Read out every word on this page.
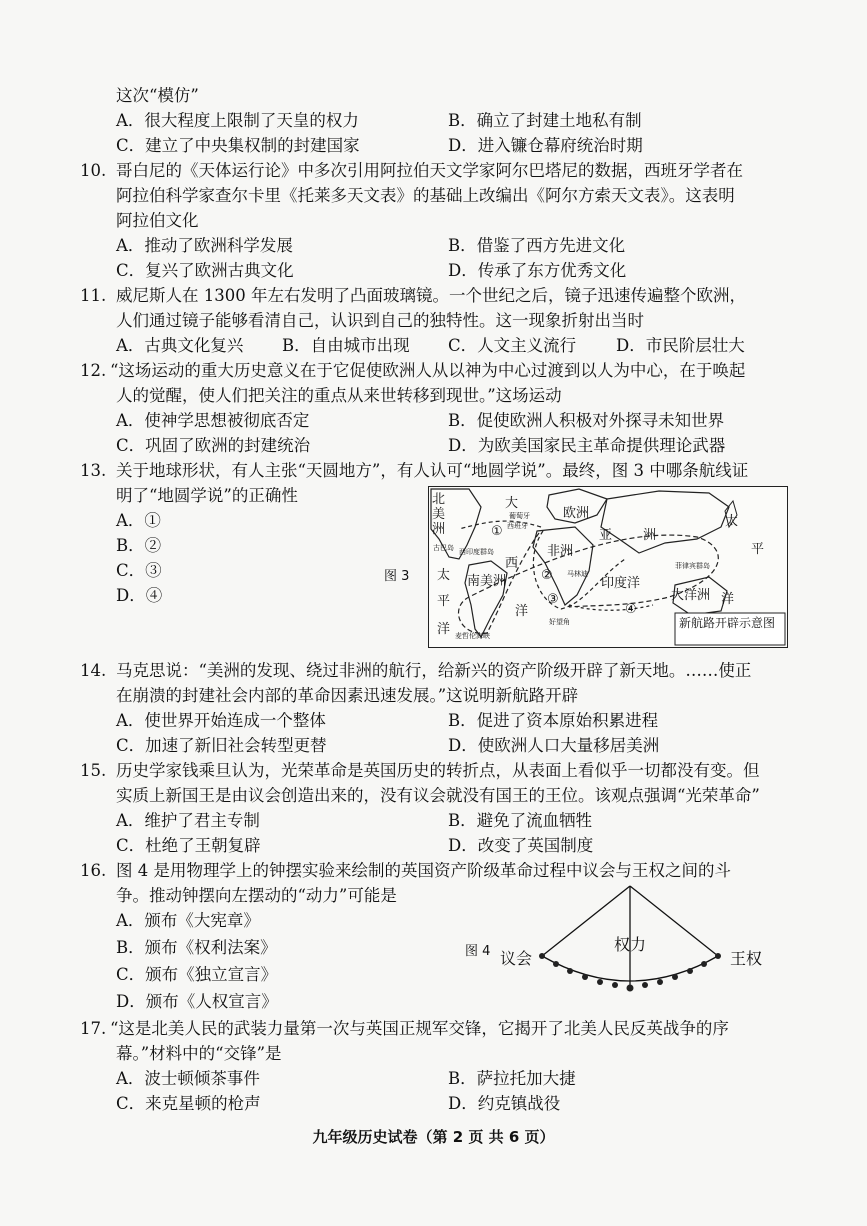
这次“模仿”
A．很大程度上限制了天皇的权力	B．确立了封建土地私有制
C．建立了中央集权制的封建国家	D．进入镰仓幕府统治时期
10. 哥白尼的《天体运行论》中多次引用阿拉伯天文学家阿尔巴塔尼的数据，西班牙学者在
阿拉伯科学家查尔卡里《托莱多天文表》的基础上改编出《阿尔方索天文表》。这表明
阿拉伯文化
A．推动了欧洲科学发展	B．借鉴了西方先进文化
C．复兴了欧洲古典文化	D．传承了东方优秀文化
11. 威尼斯人在 1300 年左右发明了凸面玻璃镜。一个世纪之后，镜子迅速传遍整个欧洲，
人们通过镜子能够看清自己，认识到自己的独特性。这一现象折射出当时
A．古典文化复兴 B．自由城市出现 C．人文主义流行 D．市民阶层壮大
12. “这场运动的重大历史意义在于它促使欧洲人从以神为中心过渡到以人为中心，在于唤起
人的觉醒，使人们把关注的重点从来世转移到现世。”这场运动
A．使神学思想被彻底否定	B．促使欧洲人积极对外探寻未知世界
C．巩固了欧洲的封建统治	D．为欧美国家民主革命提供理论武器
13. 关于地球形状，有人主张“天圆地方”，有人认可“地圆学说”。最终，图 3 中哪条航线证
明了“地圆学说”的正确性
A．①
B．②
C．③
D．④
图 3
北
美
洲
大
欧洲
亚 洲
太
平
太
平
西
洋
洋
洋
非洲
南美洲	印度洋
大洋洲
葡萄牙
西班牙
古巴岛
好望角
菲律宾群岛
麦哲伦海峡
马林迪
西印度群岛
①
②
③
④
新航路开辟示意图
14. 马克思说：“美洲的发现、绕过非洲的航行，给新兴的资产阶级开辟了新天地。……使正
在崩溃的封建社会内部的革命因素迅速发展。”这说明新航路开辟
A．使世界开始连成一个整体	B．促进了资本原始积累进程
C．加速了新旧社会转型更替	D．使欧洲人口大量移居美洲
15. 历史学家钱乘旦认为，光荣革命是英国历史的转折点，从表面上看似乎一切都没有变。但
实质上新国王是由议会创造出来的，没有议会就没有国王的王位。该观点强调“光荣革命”
A．维护了君主专制	B．避免了流血牺牲
C．杜绝了王朝复辟	D．改变了英国制度
16. 图 4 是用物理学上的钟摆实验来绘制的英国资产阶级革命过程中议会与王权之间的斗
争。推动钟摆向左摆动的“动力”可能是
A．颁布《大宪章》
B．颁布《权利法案》
C．颁布《独立宣言》
D．颁布《人权宣言》
图 4 议会	王权
权力
17. “这是北美人民的武装力量第一次与英国正规军交锋，它揭开了北美人民反英战争的序
幕。”材料中的“交锋”是
A．波士顿倾茶事件	B．萨拉托加大捷
C．来克星顿的枪声	D．约克镇战役
九年级历史试卷（第 2 页 共 6 页）
